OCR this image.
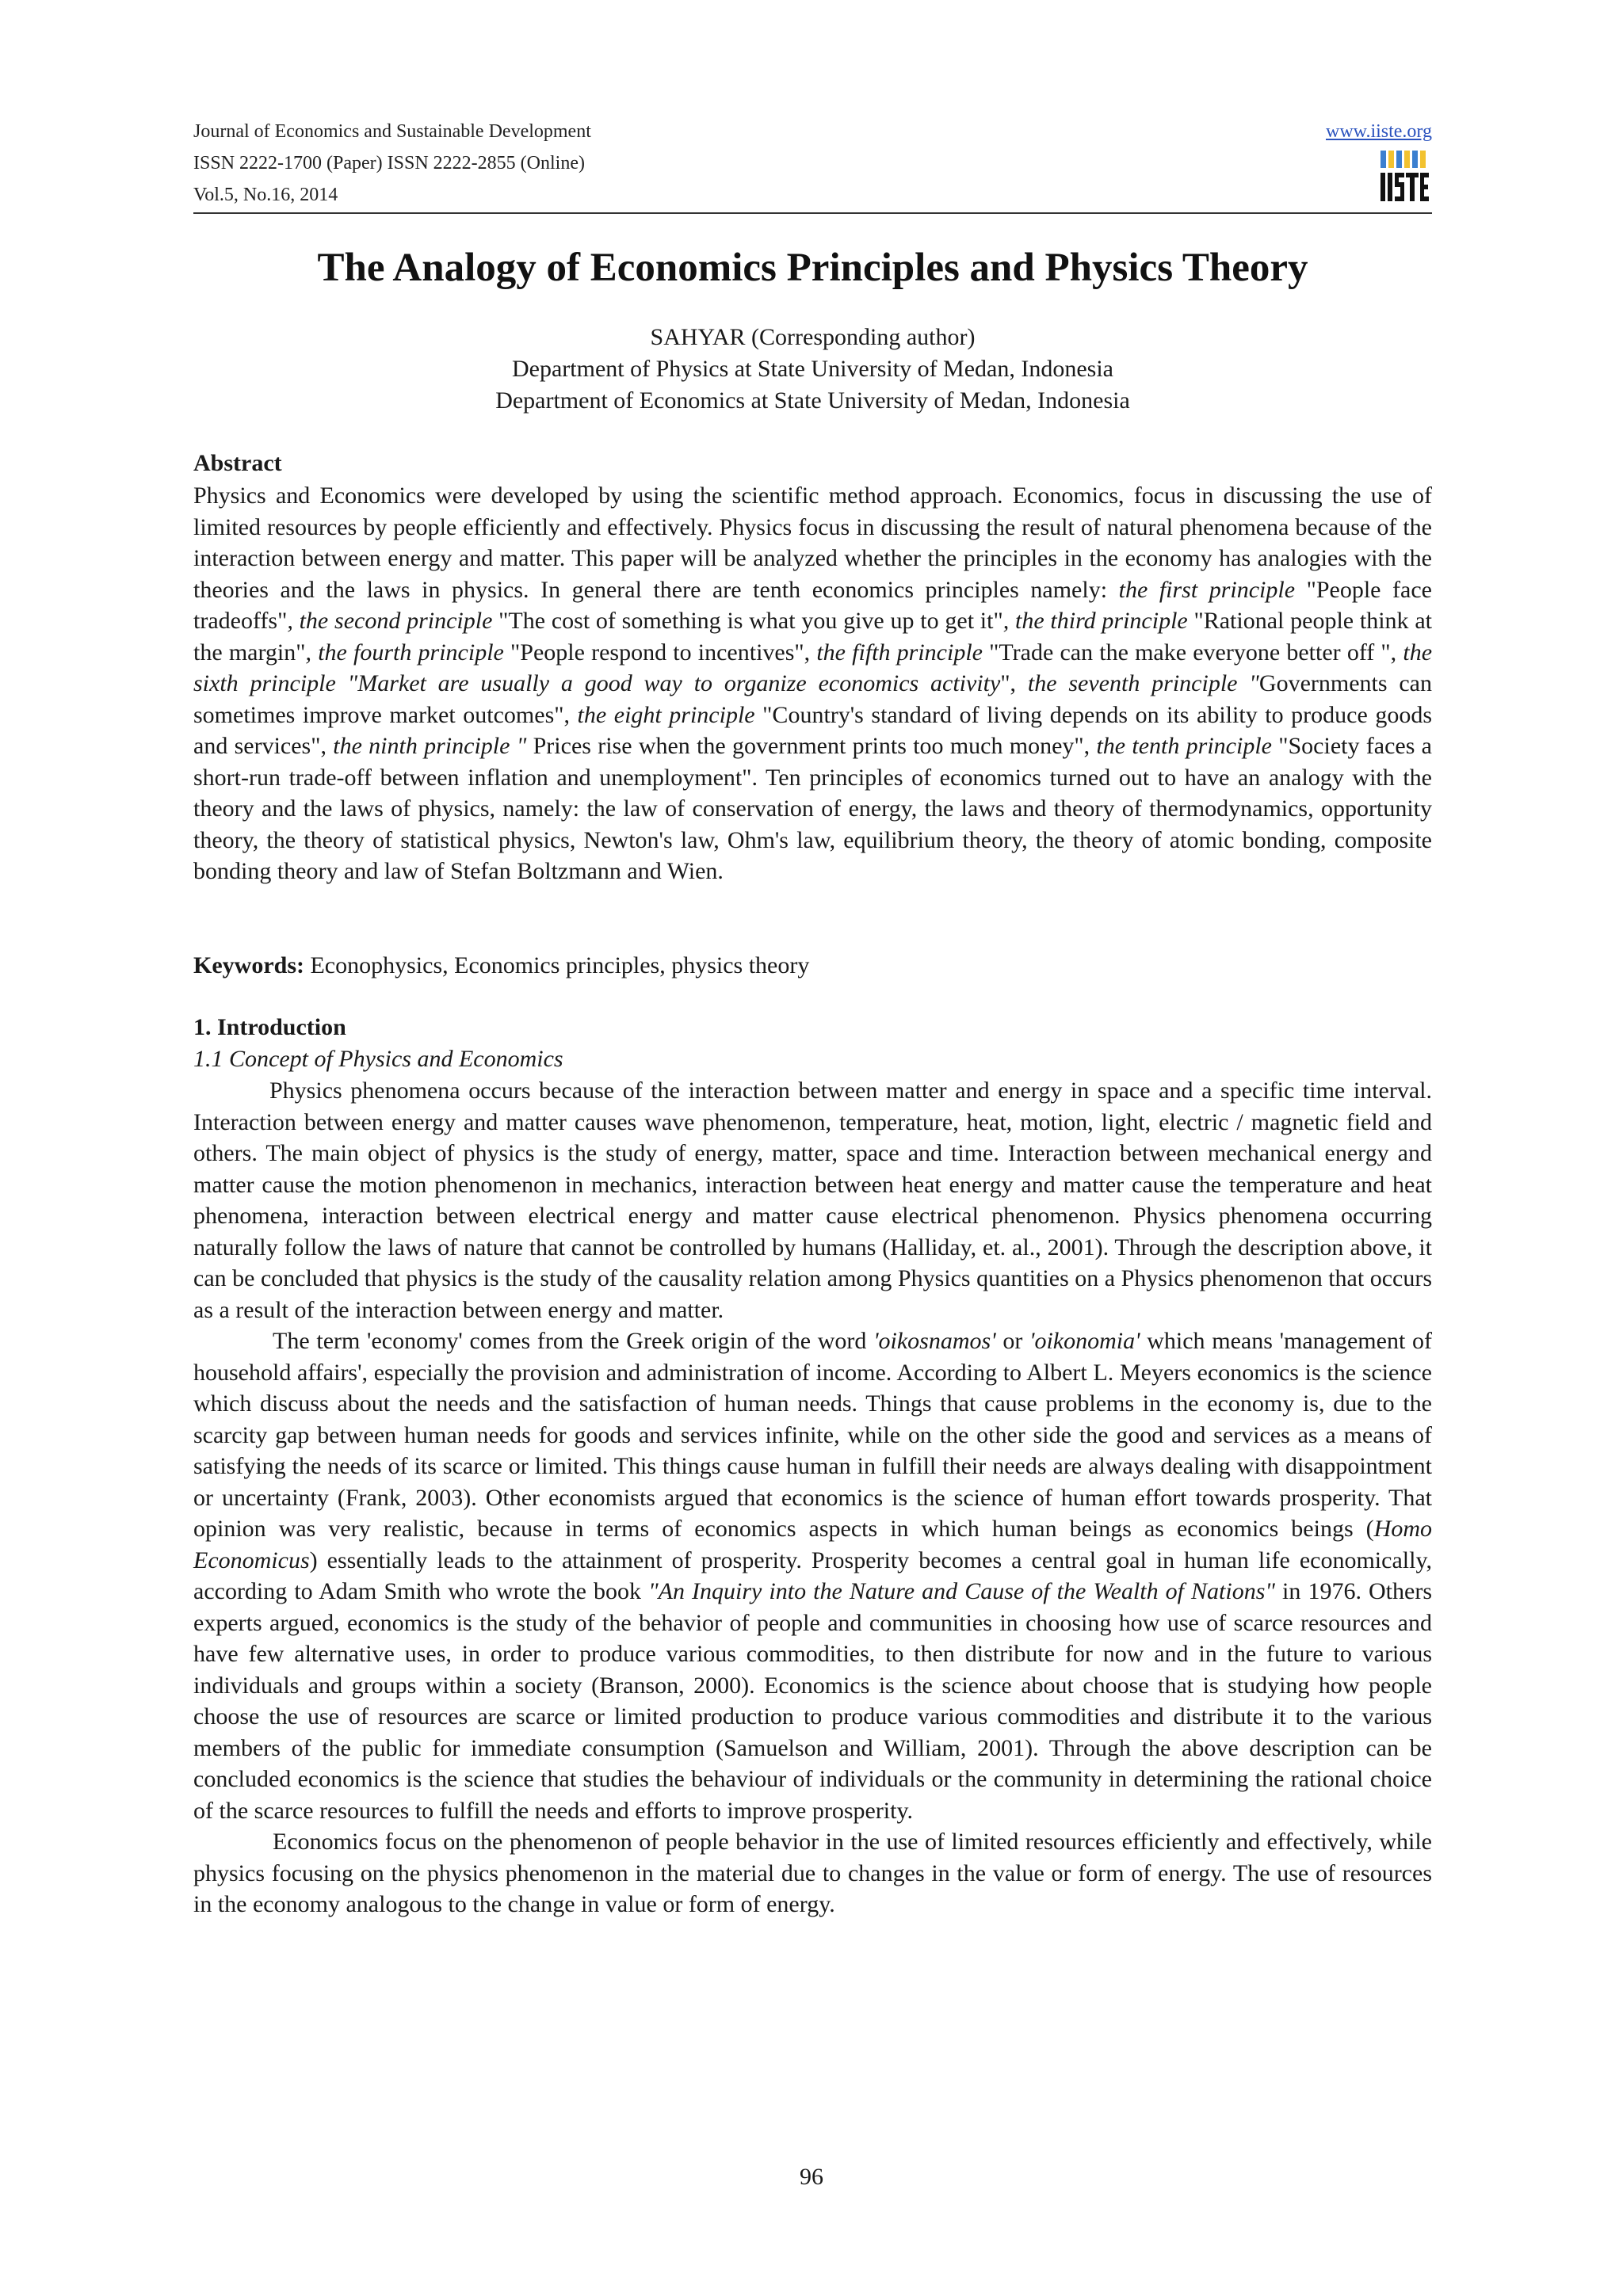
Journal of Economics and Sustainable Development
ISSN 2222-1700 (Paper) ISSN 2222-2855 (Online)
Vol.5, No.16, 2014
www.iiste.org
The Analogy of Economics Principles and Physics Theory
SAHYAR (Corresponding author)
Department of Physics at State University of Medan, Indonesia
Department of Economics at State University of Medan, Indonesia
Abstract
Physics and Economics were developed by using the scientific method approach. Economics, focus in discussing the use of limited resources by people efficiently and effectively. Physics focus in discussing the result of natural phenomena because of the interaction between energy and matter. This paper will be analyzed whether the principles in the economy has analogies with the theories and the laws in physics. In general there are tenth economics principles namely: the first principle "People face tradeoffs", the second principle "The cost of something is what you give up to get it", the third principle "Rational people think at the margin", the fourth principle "People respond to incentives", the fifth principle "Trade can the make everyone better off ", the sixth principle "Market are usually a good way to organize economics activity", the seventh principle "Governments can sometimes improve market outcomes", the eight principle "Country's standard of living depends on its ability to produce goods and services", the ninth principle " Prices rise when the government prints too much money", the tenth principle "Society faces a short-run trade-off between inflation and unemployment". Ten principles of economics turned out to have an analogy with the theory and the laws of physics, namely: the law of conservation of energy, the laws and theory of thermodynamics, opportunity theory, the theory of statistical physics, Newton's law, Ohm's law, equilibrium theory, the theory of atomic bonding, composite bonding theory and law of Stefan Boltzmann and Wien.
Keywords: Econophysics, Economics principles, physics theory
1. Introduction
1.1 Concept of Physics and Economics

Physics phenomena occurs because of the interaction between matter and energy in space and a specific time interval. Interaction between energy and matter causes wave phenomenon, temperature, heat, motion, light, electric / magnetic field and others. The main object of physics is the study of energy, matter, space and time. Interaction between mechanical energy and matter cause the motion phenomenon in mechanics, interaction between heat energy and matter cause the temperature and heat phenomena, interaction between electrical energy and matter cause electrical phenomenon. Physics phenomena occurring naturally follow the laws of nature that cannot be controlled by humans (Halliday, et. al., 2001). Through the description above, it can be concluded that physics is the study of the causality relation among Physics quantities on a Physics phenomenon that occurs as a result of the interaction between energy and matter.

The term 'economy' comes from the Greek origin of the word 'oikosnamos' or 'oikonomia' which means 'management of household affairs', especially the provision and administration of income. According to Albert L. Meyers economics is the science which discuss about the needs and the satisfaction of human needs. Things that cause problems in the economy is, due to the scarcity gap between human needs for goods and services infinite, while on the other side the good and services as a means of satisfying the needs of its scarce or limited. This things cause human in fulfill their needs are always dealing with disappointment or uncertainty (Frank, 2003). Other economists argued that economics is the science of human effort towards prosperity. That opinion was very realistic, because in terms of economics aspects in which human beings as economics beings (Homo Economicus) essentially leads to the attainment of prosperity. Prosperity becomes a central goal in human life economically, according to Adam Smith who wrote the book "An Inquiry into the Nature and Cause of the Wealth of Nations" in 1976. Others experts argued, economics is the study of the behavior of people and communities in choosing how use of scarce resources and have few alternative uses, in order to produce various commodities, to then distribute for now and in the future to various individuals and groups within a society (Branson, 2000). Economics is the science about choose that is studying how people choose the use of resources are scarce or limited production to produce various commodities and distribute it to the various members of the public for immediate consumption (Samuelson and William, 2001). Through the above description can be concluded economics is the science that studies the behaviour of individuals or the community in determining the rational choice of the scarce resources to fulfill the needs and efforts to improve prosperity.

Economics focus on the phenomenon of people behavior in the use of limited resources efficiently and effectively, while physics focusing on the physics phenomenon in the material due to changes in the value or form of energy. The use of resources in the economy analogous to the change in value or form of energy.

96
